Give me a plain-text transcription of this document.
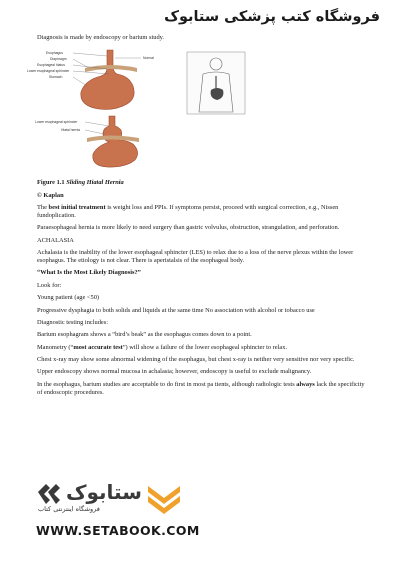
فروشگاه کتب پزشکی ستابوک

Diagnosis is made by endoscopy or barium study.

Esophagus
Diaphragm
Esophageal hiatus
Lower esophageal sphincter
Stomach
Normal
Lower esophageal sphincter
Hiatal hernia

Figure 1.1 Sliding Hiatal Hernia

© Kaplan

The best initial treatment is weight loss and PPIs. If symptoms persist, proceed with surgical correction, e.g., Nissen fundoplication.

Paraesophageal hernia is more likely to need surgery than gastric volvulus, obstruction, strangulation, and perforation.

ACHALASIA

Achalasia is the inability of the lower esophageal sphincter (LES) to relax due to a loss of the nerve plexus within the lower esophagus. The etiology is not clear. There is aperistalsis of the esophageal body.

“What Is the Most Likely Diagnosis?”

Look for:

Young patient (age <50)

Progressive dysphagia to both solids and liquids at the same time No association with alcohol or tobacco use

Diagnostic testing includes:

Barium esophagram shows a “bird’s beak” as the esophagus comes down to a point.

Manometry (“most accurate test”) will show a failure of the lower esophageal sphincter to relax.

Chest x-ray may show some abnormal widening of the esophagus, but chest x-ray is neither very sensitive nor very specific.

Upper endoscopy shows normal mucosa in achalasia; however, endoscopy is useful to exclude malignancy.

In the esophagus, barium studies are acceptable to do first in most pa tients, although radiologic tests always lack the specificity of endoscopic procedures.

ستابوک
فروشگاه اینترنتی کتاب
WWW.SETABOOK.COM
